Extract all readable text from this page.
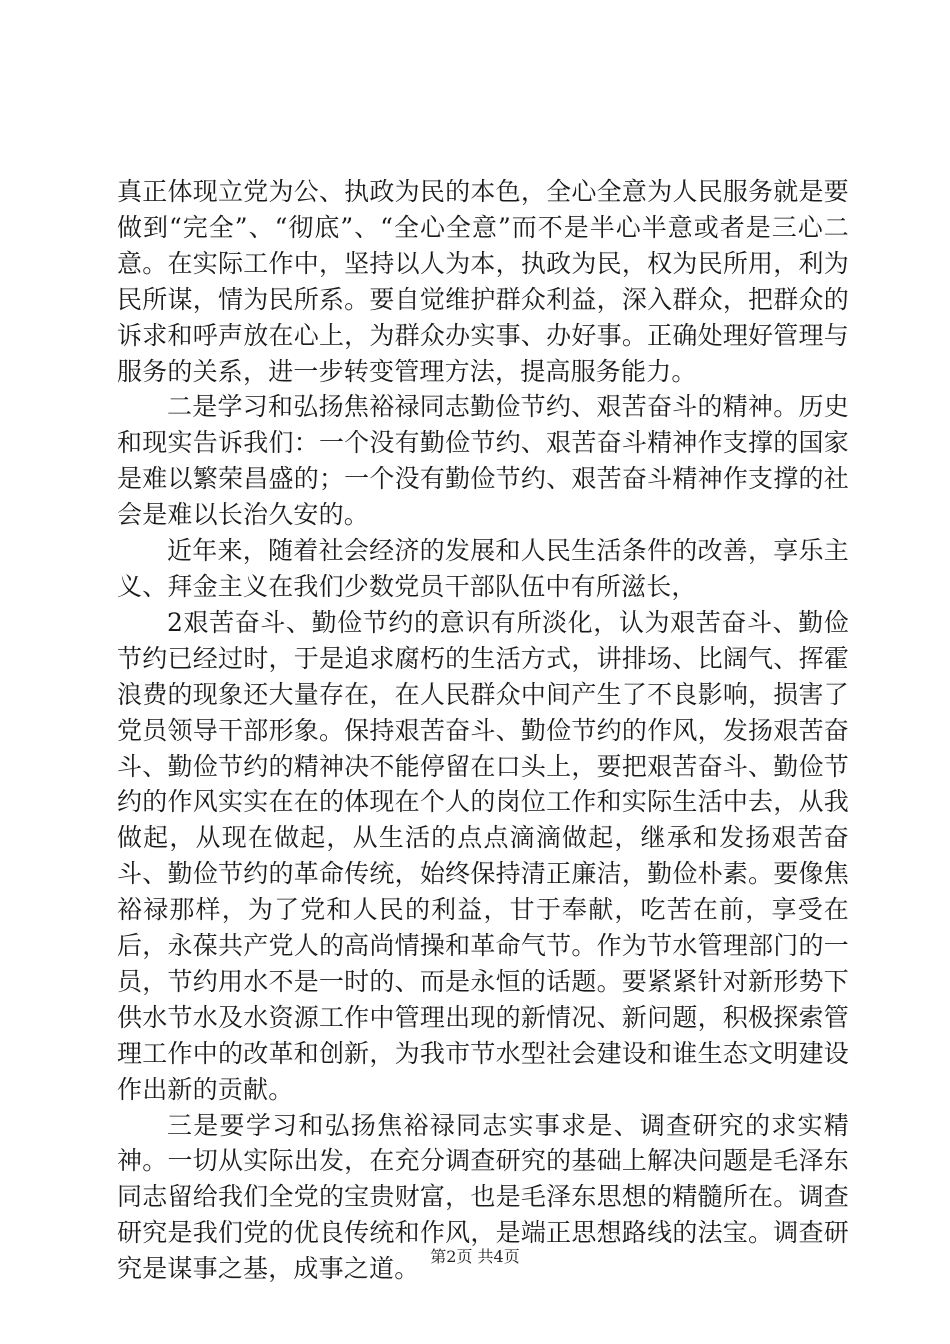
真正体现立党为公、执政为民的本色，全心全意为人民服务就是要做到“完全”、“彻底”、“全心全意”而不是半心半意或者是三心二意。在实际工作中，坚持以人为本，执政为民，权为民所用，利为民所谋，情为民所系。要自觉维护群众利益，深入群众，把群众的诉求和呼声放在心上，为群众办实事、办好事。正确处理好管理与服务的关系，进一步转变管理方法，提高服务能力。

二是学习和弘扬焦裕禄同志勤俭节约、艰苦奋斗的精神。历史和现实告诉我们：一个没有勤俭节约、艰苦奋斗精神作支撑的国家是难以繁荣昌盛的；一个没有勤俭节约、艰苦奋斗精神作支撑的社会是难以长治久安的。

近年来，随着社会经济的发展和人民生活条件的改善，享乐主义、拜金主义在我们少数党员干部队伍中有所滋长，

2艰苦奋斗、勤俭节约的意识有所淡化，认为艰苦奋斗、勤俭节约已经过时，于是追求腐朽的生活方式，讲排场、比阔气、挥霍浪费的现象还大量存在，在人民群众中间产生了不良影响，损害了党员领导干部形象。保持艰苦奋斗、勤俭节约的作风，发扬艰苦奋斗、勤俭节约的精神决不能停留在口头上，要把艰苦奋斗、勤俭节约的作风实实在在的体现在个人的岗位工作和实际生活中去，从我做起，从现在做起，从生活的点点滴滴做起，继承和发扬艰苦奋斗、勤俭节约的革命传统，始终保持清正廉洁，勤俭朴素。要像焦裕禄那样，为了党和人民的利益，甘于奉献，吃苦在前，享受在后，永葆共产党人的高尚情操和革命气节。作为节水管理部门的一员，节约用水不是一时的、而是永恒的话题。要紧紧针对新形势下供水节水及水资源工作中管理出现的新情况、新问题，积极探索管理工作中的改革和创新，为我市节水型社会建设和谁生态文明建设作出新的贡献。

三是要学习和弘扬焦裕禄同志实事求是、调查研究的求实精神。一切从实际出发，在充分调查研究的基础上解决问题是毛泽东同志留给我们全党的宝贵财富，也是毛泽东思想的精髓所在。调查研究是我们党的优良传统和作风，是端正思想路线的法宝。调查研究是谋事之基，成事之道。 第2页 共4页
